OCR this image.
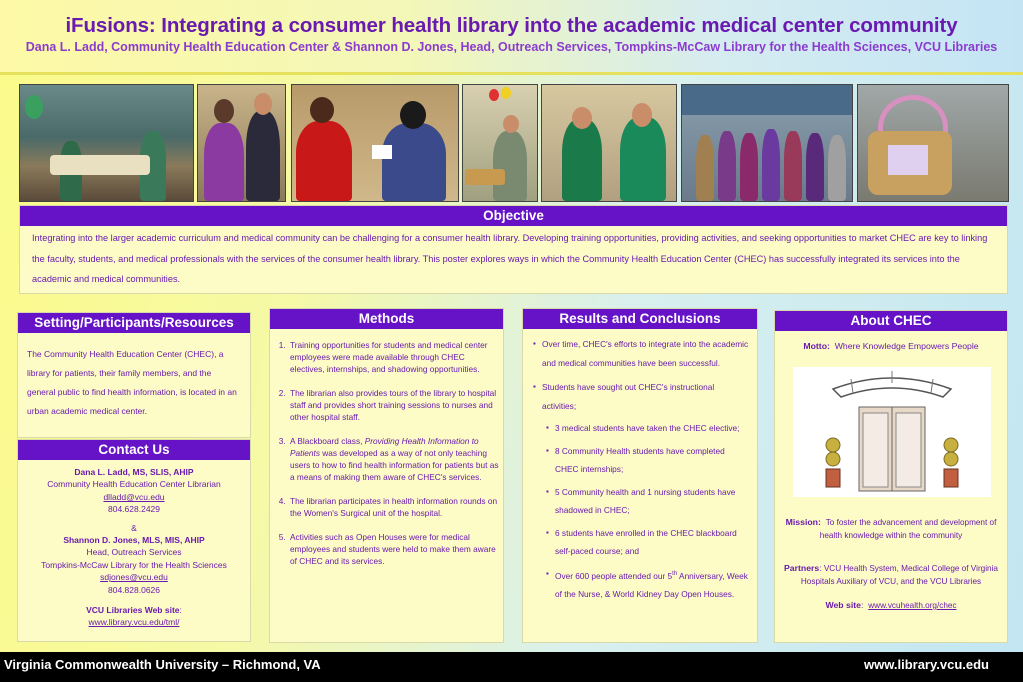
iFusions: Integrating a consumer health library into the academic medical center community
Dana L. Ladd, Community Health Education Center & Shannon D. Jones, Head, Outreach Services, Tompkins-McCaw Library for the Health Sciences, VCU Libraries
Objective
Integrating into the larger academic curriculum and medical community can be challenging for a consumer health library. Developing training opportunities, providing activities, and seeking opportunities to market CHEC are key to linking the faculty, students, and medical professionals with the services of the consumer health library. This poster explores ways in which the Community Health Education Center (CHEC) has successfully integrated its services into the academic and medical communities.
Setting/Participants/Resources
The Community Health Education Center (CHEC), a library for patients, their family members, and the general public to find health information, is located in an urban academic medical center.
Contact Us
Dana L. Ladd, MS, SLIS, AHIP
Community Health Education Center Librarian
dlladd@vcu.edu
804.628.2429
&
Shannon D. Jones, MLS, MIS, AHIP
Head, Outreach Services
Tompkins-McCaw Library for the Health Sciences
sdjones@vcu.edu
804.828.0626
VCU Libraries Web site:
www.library.vcu.edu/tml/
Methods
1. Training opportunities for students and medical center employees were made available through CHEC electives, internships, and shadowing opportunities.
2. The librarian also provides tours of the library to hospital staff and provides short training sessions to nurses and other hospital staff.
3. A Blackboard class, Providing Health Information to Patients was developed as a way of not only teaching users to how to find health information for patients but as a means of making them aware of CHEC's services.
4. The librarian participates in health information rounds on the Women's Surgical unit of the hospital.
5. Activities such as Open Houses were for medical employees and students were held to make them aware of CHEC and its services.
Results and Conclusions
▪ Over time, CHEC's efforts to integrate into the academic and medical communities have been successful.
▪ Students have sought out CHEC's instructional activities;
▪ 3 medical students have taken the CHEC elective;
▪ 8 Community Health students have completed CHEC internships;
▪ 5 Community health and 1 nursing students have shadowed in CHEC;
▪ 6 students have enrolled in the CHEC blackboard self-paced course; and
▪ Over 600 people attended our 5th Anniversary, Week of the Nurse, & World Kidney Day Open Houses.
About CHEC
Motto: Where Knowledge Empowers People
Mission: To foster the advancement and development of health knowledge within the community
Partners: VCU Health System, Medical College of Virginia Hospitals Auxiliary of VCU, and the VCU Libraries
Web site: www.vcuhealth.org/chec
Virginia Commonwealth University – Richmond, VA	www.library.vcu.edu
